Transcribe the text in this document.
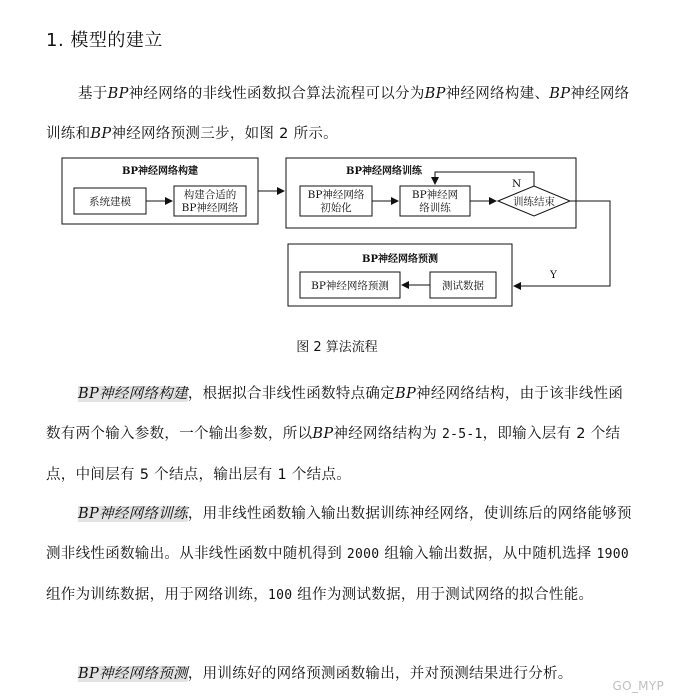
1. 模型的建立
基于BP神经网络的非线性函数拟合算法流程可以分为BP神经网络构建、BP神经网络训练和BP神经网络预测三步，如图 2 所示。
BP神经网络构建
系统建模
构建合适的
BP神经网络
BP神经网络训练
BP神经网络
初始化
BP神经网
络训练	训练结束
N
Y
BP神经网络预测
测试数据
BP神经网络预测
图 2 算法流程
BP神经网络构建，根据拟合非线性函数特点确定BP神经网络结构，由于该非线性函数有两个输入参数，一个输出参数，所以BP神经网络结构为 2-5-1，即输入层有 2 个结点，中间层有 5 个结点，输出层有 1 个结点。
BP神经网络训练，用非线性函数输入输出数据训练神经网络，使训练后的网络能够预测非线性函数输出。从非线性函数中随机得到 2000 组输入输出数据，从中随机选择 1900 组作为训练数据，用于网络训练，100 组作为测试数据，用于测试网络的拟合性能。
BP神经网络预测，用训练好的网络预测函数输出，并对预测结果进行分析。
GO_MYP
